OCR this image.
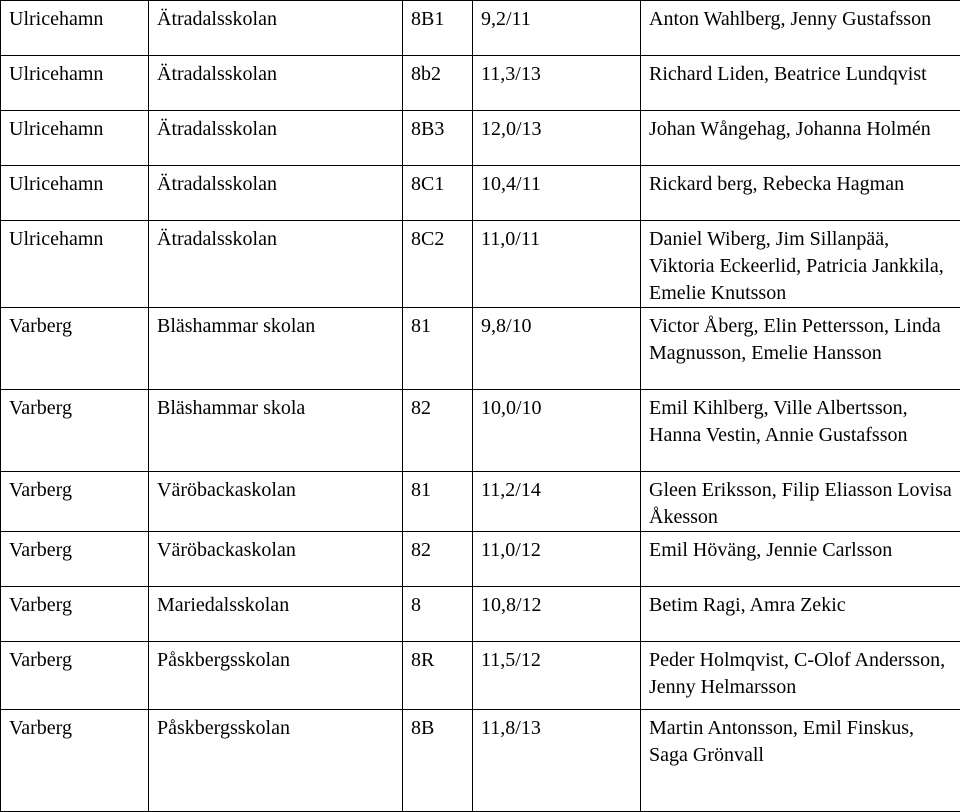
Ulricehamn	Ätradalsskolan	8B1	9,2/11	Anton Wahlberg, Jenny Gustafsson
Ulricehamn	Ätradalsskolan	8b2	11,3/13	Richard Liden, Beatrice Lundqvist
Ulricehamn	Ätradalsskolan	8B3	12,0/13	Johan Wångehag, Johanna Holmén
Ulricehamn	Ätradalsskolan	8C1	10,4/11	Rickard berg, Rebecka Hagman
Ulricehamn	Ätradalsskolan	8C2	11,0/11	Daniel Wiberg, Jim Sillanpää, Viktoria Eckeerlid, Patricia Jankkila, Emelie Knutsson
Varberg	Bläshammar skolan	81	9,8/10	Victor Åberg, Elin Pettersson, Linda Magnusson, Emelie Hansson
Varberg	Bläshammar skola	82	10,0/10	Emil Kihlberg, Ville Albertsson, Hanna Vestin, Annie Gustafsson
Varberg	Väröbackaskolan	81	11,2/14	Gleen Eriksson, Filip Eliasson Lovisa Åkesson
Varberg	Väröbackaskolan	82	11,0/12	Emil Höväng, Jennie Carlsson
Varberg	Mariedalsskolan	8	10,8/12	Betim Ragi, Amra Zekic
Varberg	Påskbergsskolan	8R	11,5/12	Peder Holmqvist, C-Olof Andersson, Jenny Helmarsson
Varberg	Påskbergsskolan	8B	11,8/13	Martin Antonsson, Emil Finskus, Saga Grönvall
